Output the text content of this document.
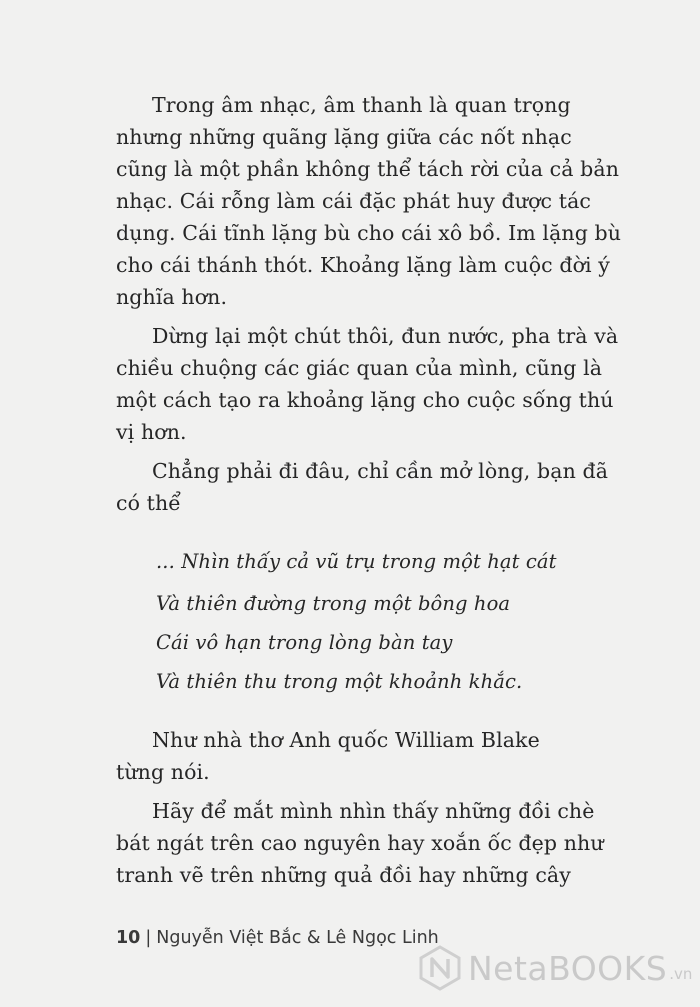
Trong âm nhạc, âm thanh là quan trọng
nhưng những quãng lặng giữa các nốt nhạc
cũng là một phần không thể tách rời của cả bản
nhạc. Cái rỗng làm cái đặc phát huy được tác
dụng. Cái tĩnh lặng bù cho cái xô bồ. Im lặng bù
cho cái thánh thót. Khoảng lặng làm cuộc đời ý
nghĩa hơn.
Dừng lại một chút thôi, đun nước, pha trà và
chiều chuộng các giác quan của mình, cũng là
một cách tạo ra khoảng lặng cho cuộc sống thú
vị hơn.
Chẳng phải đi đâu, chỉ cần mở lòng, bạn đã
có thể
... Nhìn thấy cả vũ trụ trong một hạt cát
Và thiên đường trong một bông hoa
Cái vô hạn trong lòng bàn tay
Và thiên thu trong một khoảnh khắc.
Như nhà thơ Anh quốc William Blake
từng nói.
Hãy để mắt mình nhìn thấy những đồi chè
bát ngát trên cao nguyên hay xoắn ốc đẹp như
tranh vẽ trên những quả đồi hay những cây
10 | Nguyễn Việt Bắc & Lê Ngọc Linh
NetaBOOKS .vn
